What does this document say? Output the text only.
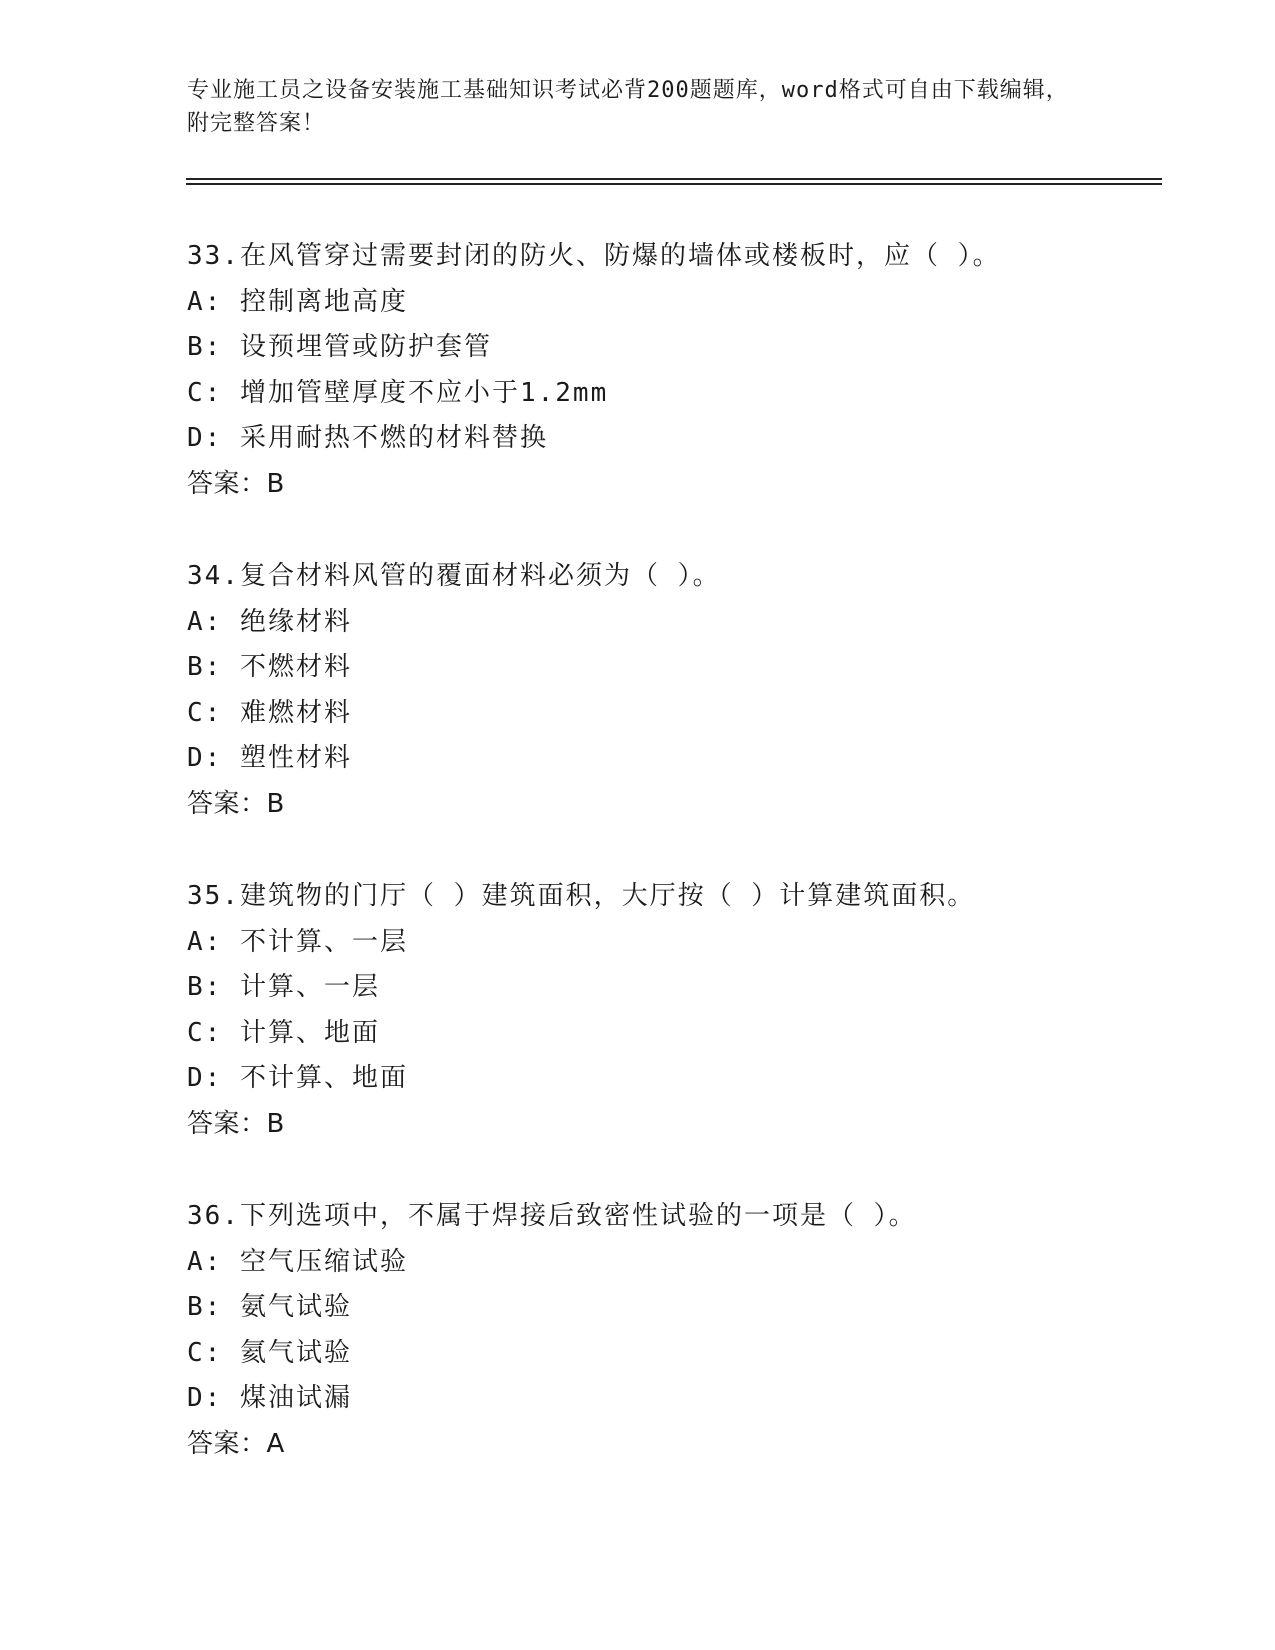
专业施工员之设备安装施工基础知识考试必背200题题库，word格式可自由下载编辑，附完整答案！
33.在风管穿过需要封闭的防火、防爆的墙体或楼板时，应（ ）。
A: 控制离地高度
B: 设预埋管或防护套管
C: 增加管壁厚度不应小于1.2mm
D: 采用耐热不燃的材料替换
答案：B
34.复合材料风管的覆面材料必须为（ ）。
A: 绝缘材料
B: 不燃材料
C: 难燃材料
D: 塑性材料
答案：B
35.建筑物的门厅（ ）建筑面积，大厅按（ ）计算建筑面积。
A: 不计算、一层
B: 计算、一层
C: 计算、地面
D: 不计算、地面
答案：B
36.下列选项中，不属于焊接后致密性试验的一项是（ ）。
A: 空气压缩试验
B: 氨气试验
C: 氦气试验
D: 煤油试漏
答案：A
